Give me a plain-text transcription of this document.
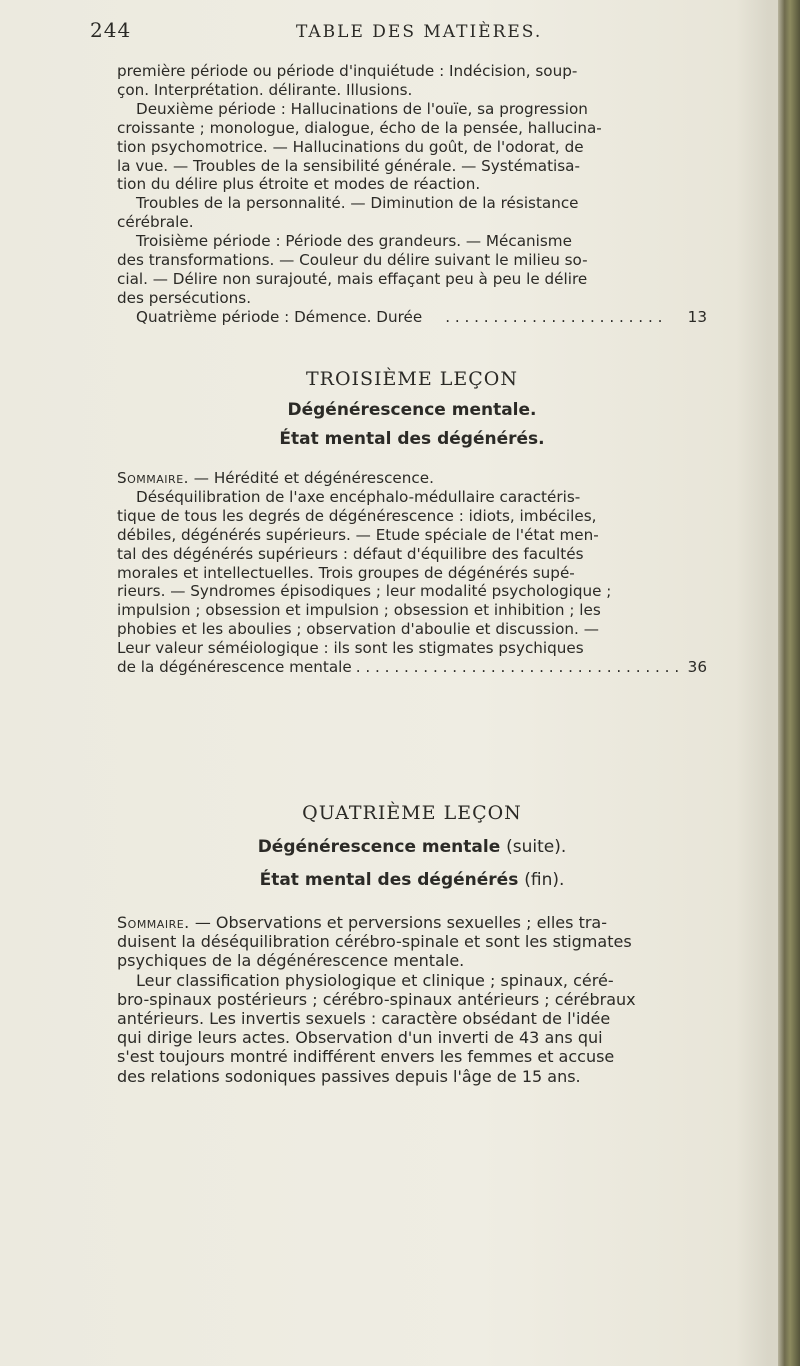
244	TABLE DES MATIÈRES.

première période ou période d'inquiétude : Indécision, soup-

çon. Interprétation. délirante. Illusions.

Deuxième période : Hallucinations de l'ouïe, sa progression

croissante ; monologue, dialogue, écho de la pensée, hallucina-

tion psychomotrice. — Hallucinations du goût, de l'odorat, de

la vue. — Troubles de la sensibilité générale. — Systématisa-

tion du délire plus étroite et modes de réaction.

Troubles de la personnalité. — Diminution de la résistance

cérébrale.

Troisième période : Période des grandeurs. — Mécanisme

des transformations. — Couleur du délire suivant le milieu so-

cial. — Délire non surajouté, mais effaçant peu à peu le délire

des persécutions.

Quatrième période : Démence. Durée . . .	13

TROISIÈME LEÇON
Dégénérescence mentale.
État mental des dégénérés.

Sommaire. — Hérédité et dégénérescence.

Déséquilibration de l'axe encéphalo-médullaire caractéris-

tique de tous les degrés de dégénérescence : idiots, imbéciles,

débiles, dégénérés supérieurs. — Etude spéciale de l'état men-

tal des dégénérés supérieurs : défaut d'équilibre des facultés

morales et intellectuelles. Trois groupes de dégénérés supé-

rieurs. — Syndromes épisodiques ; leur modalité psychologique ;

impulsion ; obsession et impulsion ; obsession et inhibition ; les

phobies et les aboulies ; observation d'aboulie et discussion. —

Leur valeur séméiologique : ils sont les stigmates psychiques

de la dégénérescence mentale . . .	36

QUATRIÈME LEÇON
Dégénérescence mentale (suite).
État mental des dégénérés (fin).

Sommaire. — Observations et perversions sexuelles ; elles tra-

duisent la déséquilibration cérébro-spinale et sont les stigmates

psychiques de la dégénérescence mentale.

Leur classification physiologique et clinique ; spinaux, céré-

bro-spinaux postérieurs ; cérébro-spinaux antérieurs ; cérébraux

antérieurs. Les invertis sexuels : caractère obsédant de l'idée

qui dirige leurs actes. Observation d'un inverti de 43 ans qui

s'est toujours montré indifférent envers les femmes et accuse

des relations sodoniques passives depuis l'âge de 15 ans.
